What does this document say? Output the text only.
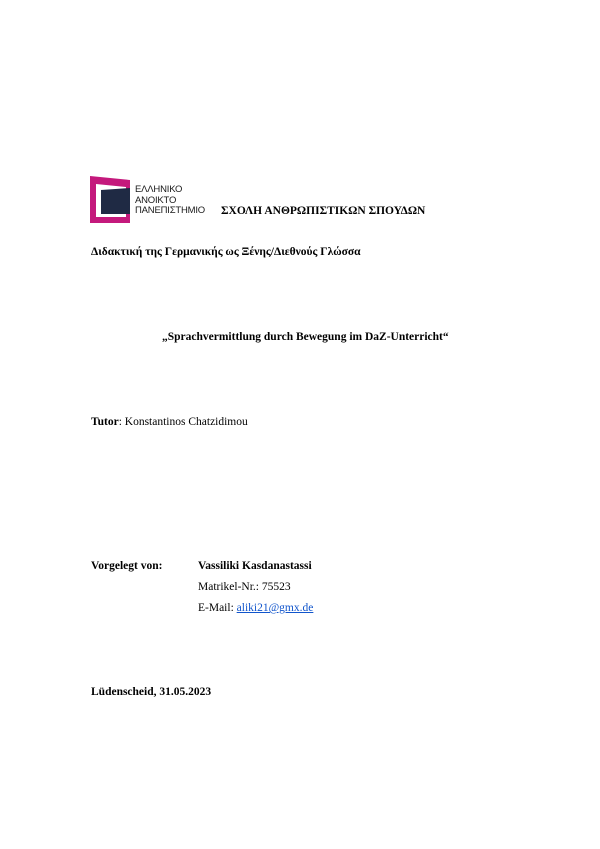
ΕΛΛΗΝΙΚΟ
ΑΝΟΙΚΤΟ
ΠΑΝΕΠΙΣΤΗΜΙΟ ΣΧΟΛΗ ΑΝΘΡΩΠΙΣΤΙΚΩΝ ΣΠΟΥΔΩΝ
Διδακτική της Γερμανικής ως Ξένης/Διεθνούς Γλώσσα
„Sprachvermittlung durch Bewegung im DaZ-Unterricht“
Tutor: Konstantinos Chatzidimou
Vorgelegt von:	Vassiliki Kasdanastassi
Matrikel-Nr.: 75523
E-Mail: aliki21@gmx.de
Lüdenscheid, 31.05.2023
